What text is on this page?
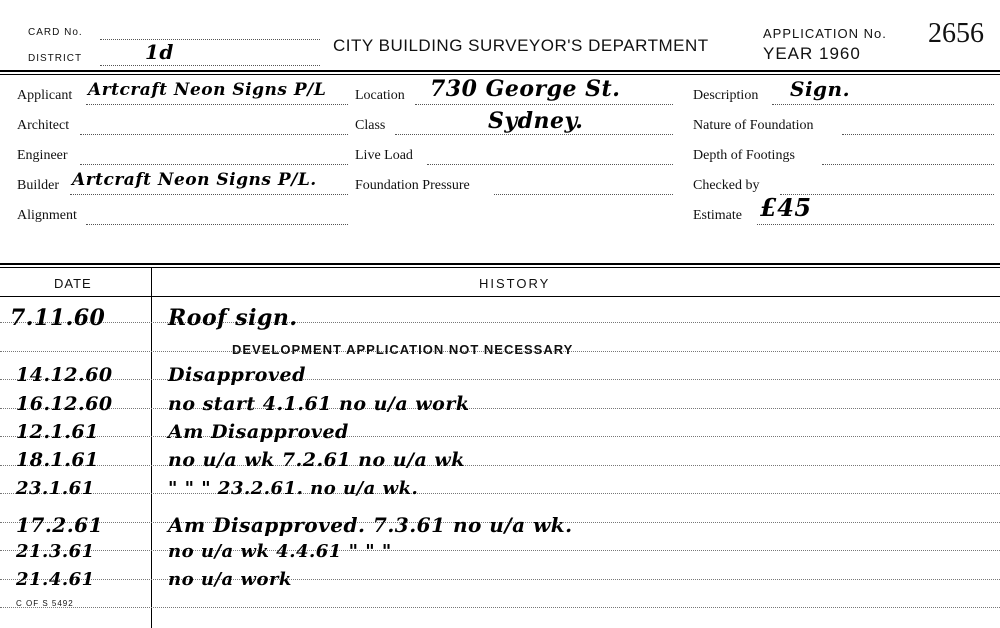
CARD No.
DISTRICT	1d	CITY BUILDING SURVEYOR'S DEPARTMENT
APPLICATION No. 2656
YEAR 1960
Applicant Artcraft Neon Signs P/L
Architect
Engineer
Builder Artcraft Neon Signs P/L.
Alignment
Location 730 George St.
Class	Sydney.
Live Load
Foundation Pressure
Description Sign.
Nature of Foundation
Depth of Footings
Checked by
Estimate £45
DATE	HISTORY
7.11.60	Roof sign.
14.12.60	Disapproved
16.12.60	no start 4.1.61 no u/a work
12.1.61	Am Disapproved
18.1.61	no u/a wk 7.2.61 no u/a wk
23.1.61	" " " 23.2.61. no u/a wk.
17.2.61	Am Disapproved. 7.3.61 no u/a wk.
21.3.61	no u/a wk 4.4.61 " " "
21.4.61	no u/a work
DEVELOPMENT APPLICATION NOT NECESSARY
C OF S 5492
